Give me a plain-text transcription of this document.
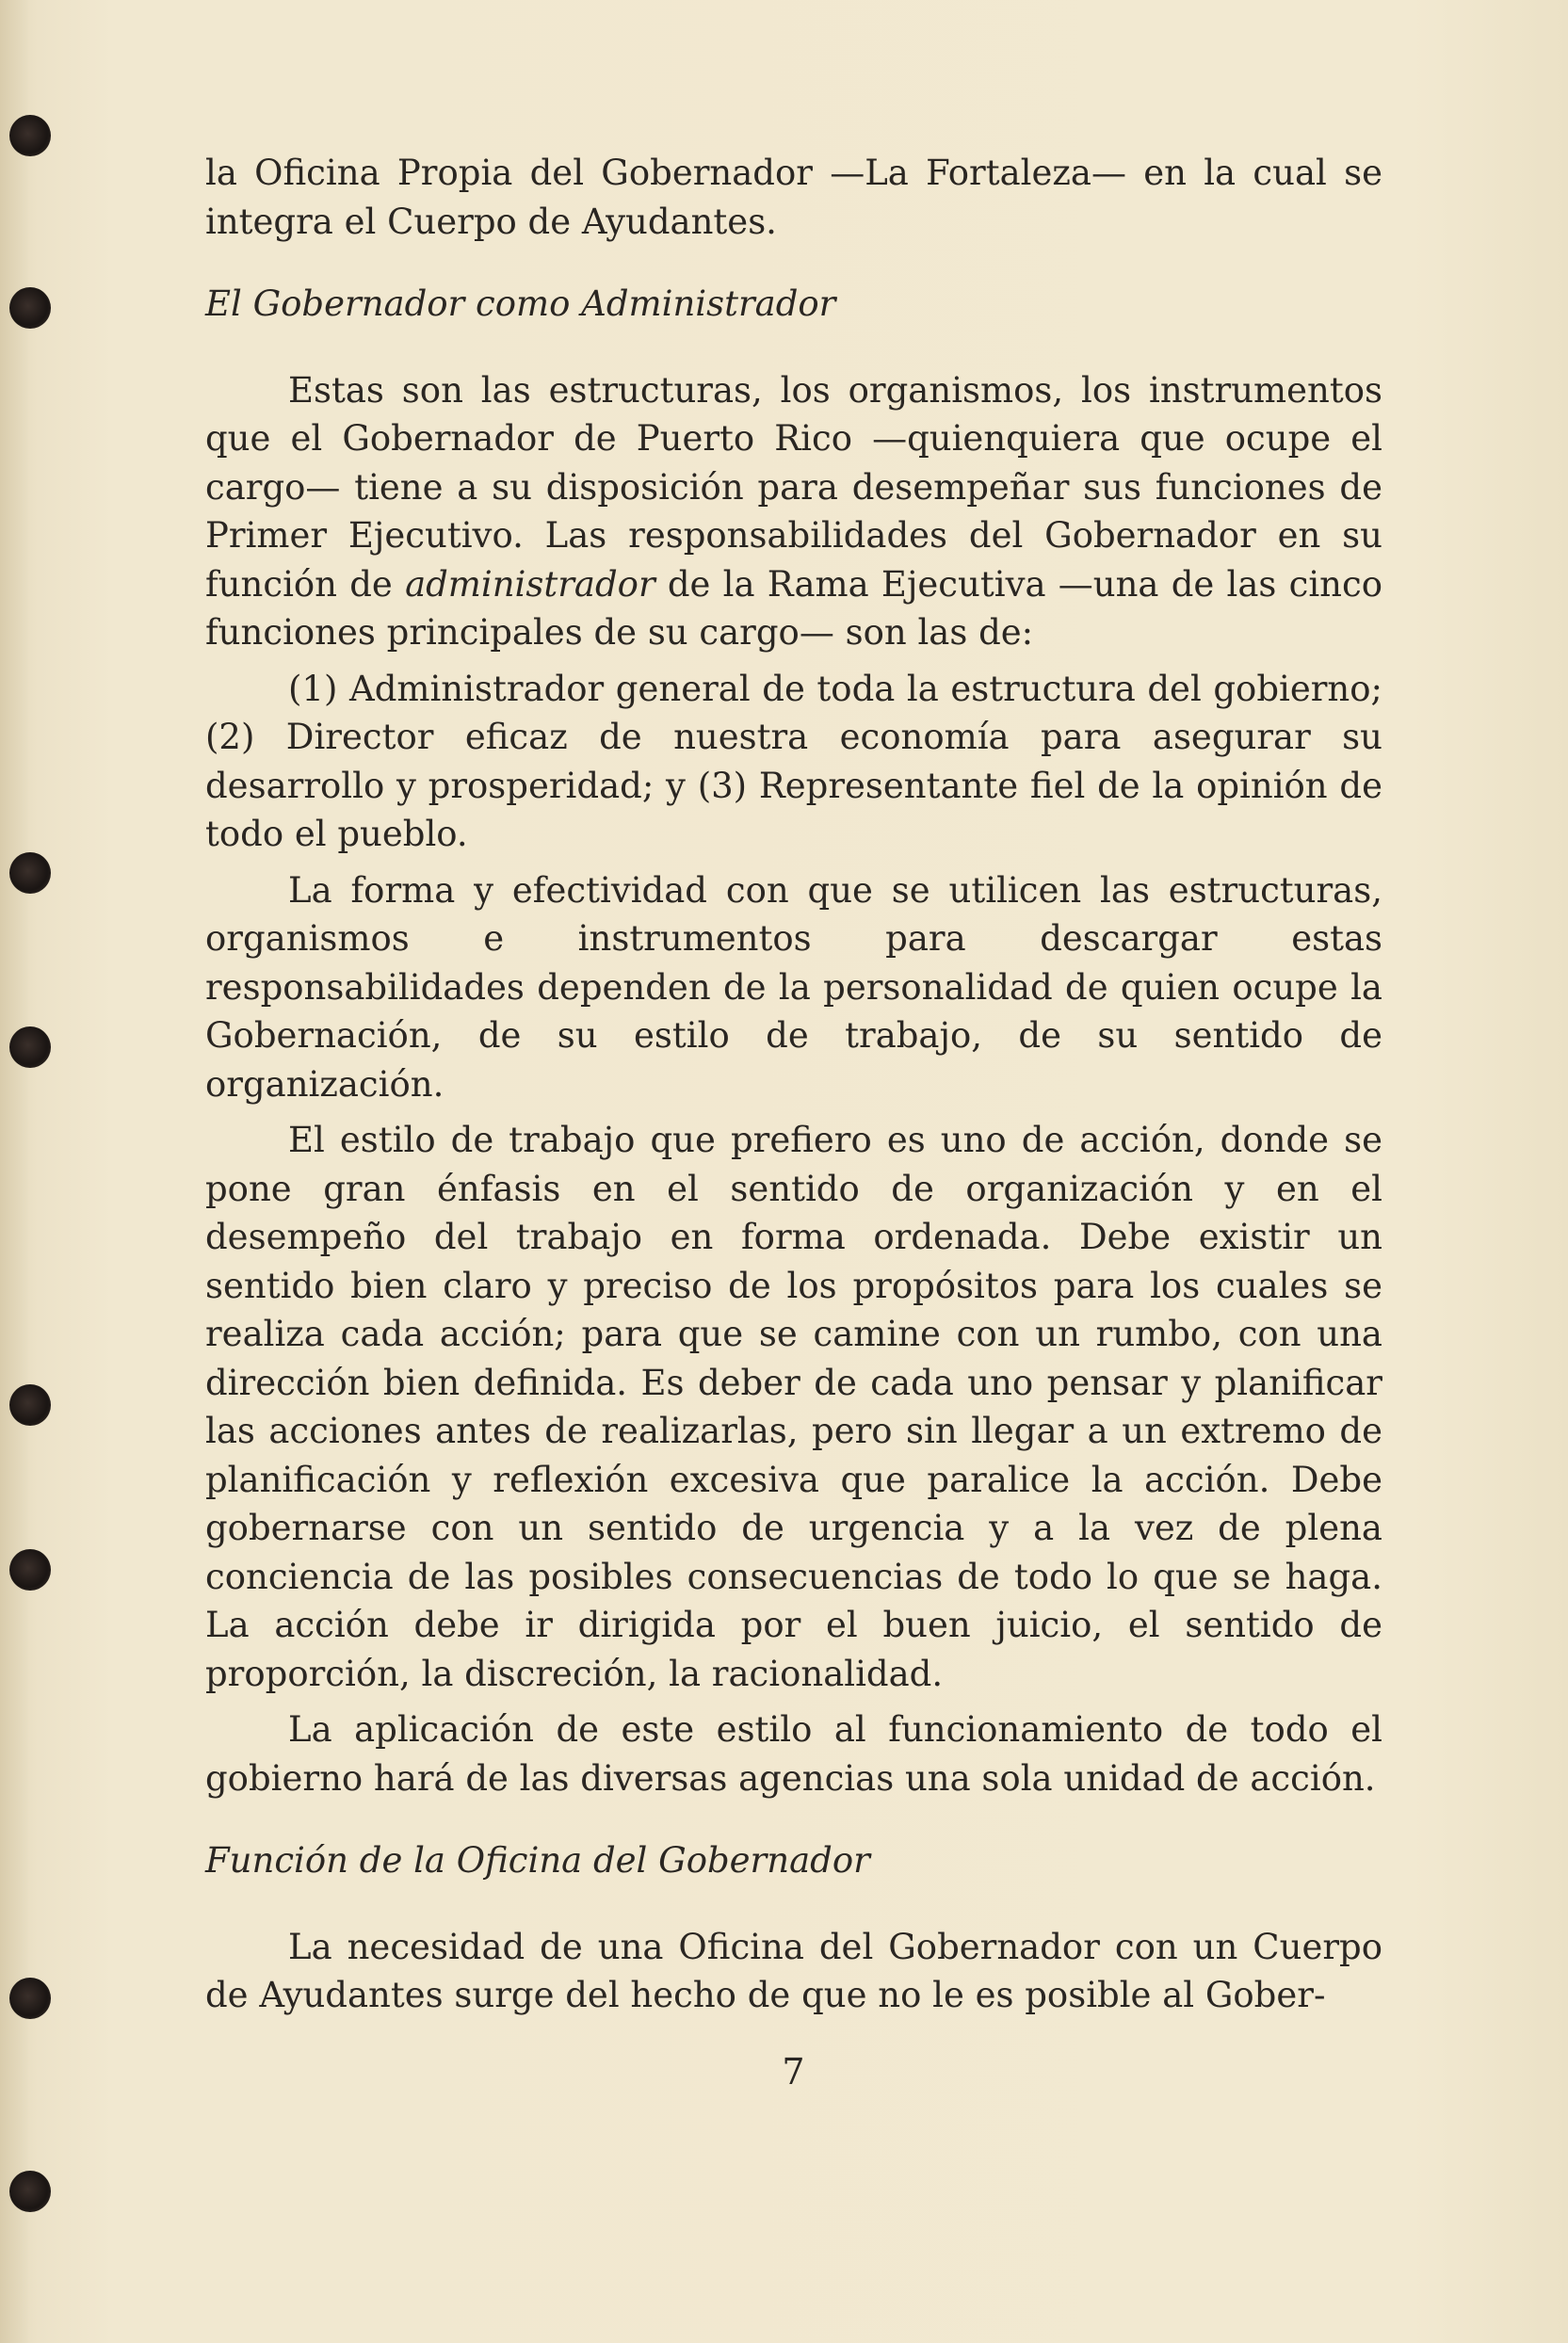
la Oficina Propia del Gobernador —La Fortaleza— en la cual se integra el Cuerpo de Ayudantes.

El Gobernador como Administrador

Estas son las estructuras, los organismos, los instrumentos que el Gobernador de Puerto Rico —quienquiera que ocupe el cargo— tiene a su disposición para desempeñar sus funciones de Primer Ejecutivo. Las responsabilidades del Gobernador en su función de administrador de la Rama Ejecutiva —una de las cinco funciones principales de su cargo— son las de:

(1) Administrador general de toda la estructura del gobierno; (2) Director eficaz de nuestra economía para asegurar su desarrollo y prosperidad; y (3) Representante fiel de la opinión de todo el pueblo.

La forma y efectividad con que se utilicen las estructuras, organismos e instrumentos para descargar estas responsabilidades dependen de la personalidad de quien ocupe la Gobernación, de su estilo de trabajo, de su sentido de organización.

El estilo de trabajo que prefiero es uno de acción, donde se pone gran énfasis en el sentido de organización y en el desempeño del trabajo en forma ordenada. Debe existir un sentido bien claro y preciso de los propósitos para los cuales se realiza cada acción; para que se camine con un rumbo, con una dirección bien definida. Es deber de cada uno pensar y planificar las acciones antes de realizarlas, pero sin llegar a un extremo de planificación y reflexión excesiva que paralice la acción. Debe gobernarse con un sentido de urgencia y a la vez de plena conciencia de las posibles consecuencias de todo lo que se haga. La acción debe ir dirigida por el buen juicio, el sentido de proporción, la discreción, la racionalidad.

La aplicación de este estilo al funcionamiento de todo el gobierno hará de las diversas agencias una sola unidad de acción.

Función de la Oficina del Gobernador

La necesidad de una Oficina del Gobernador con un Cuerpo de Ayudantes surge del hecho de que no le es posible al Gober-

7
